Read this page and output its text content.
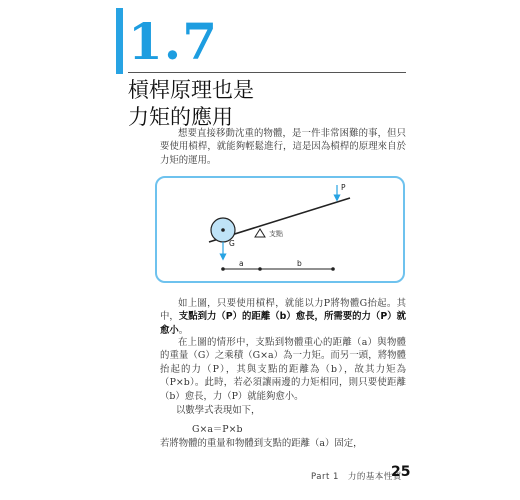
1.7
槓桿原理也是
力矩的應用

想要直接移動沈重的物體，是一件非常困難的事，但只要使用槓桿，就能夠輕鬆進行，這是因為槓桿的原理來自於力矩的運用。

P
G
支點
a	b

如上圖，只要使用槓桿，就能以力P將物體G抬起。其中，支點到力（P）的距離（b）愈長，所需要的力（P）就愈小。

在上圖的情形中，支點到物體重心的距離（a）與物體的重量（G）之乘積（G×a）為一力矩。而另一頭，將物體抬起的力（P），其與支點的距離為（b），故其力矩為（P×b）。此時，若必須讓兩邊的力矩相同，則只要使距離（b）愈長，力（P）就能夠愈小。

以數學式表現如下，

G×a＝P×b

若將物體的重量和物體到支點的距離（a）固定，

Part 1　力的基本性質

25
